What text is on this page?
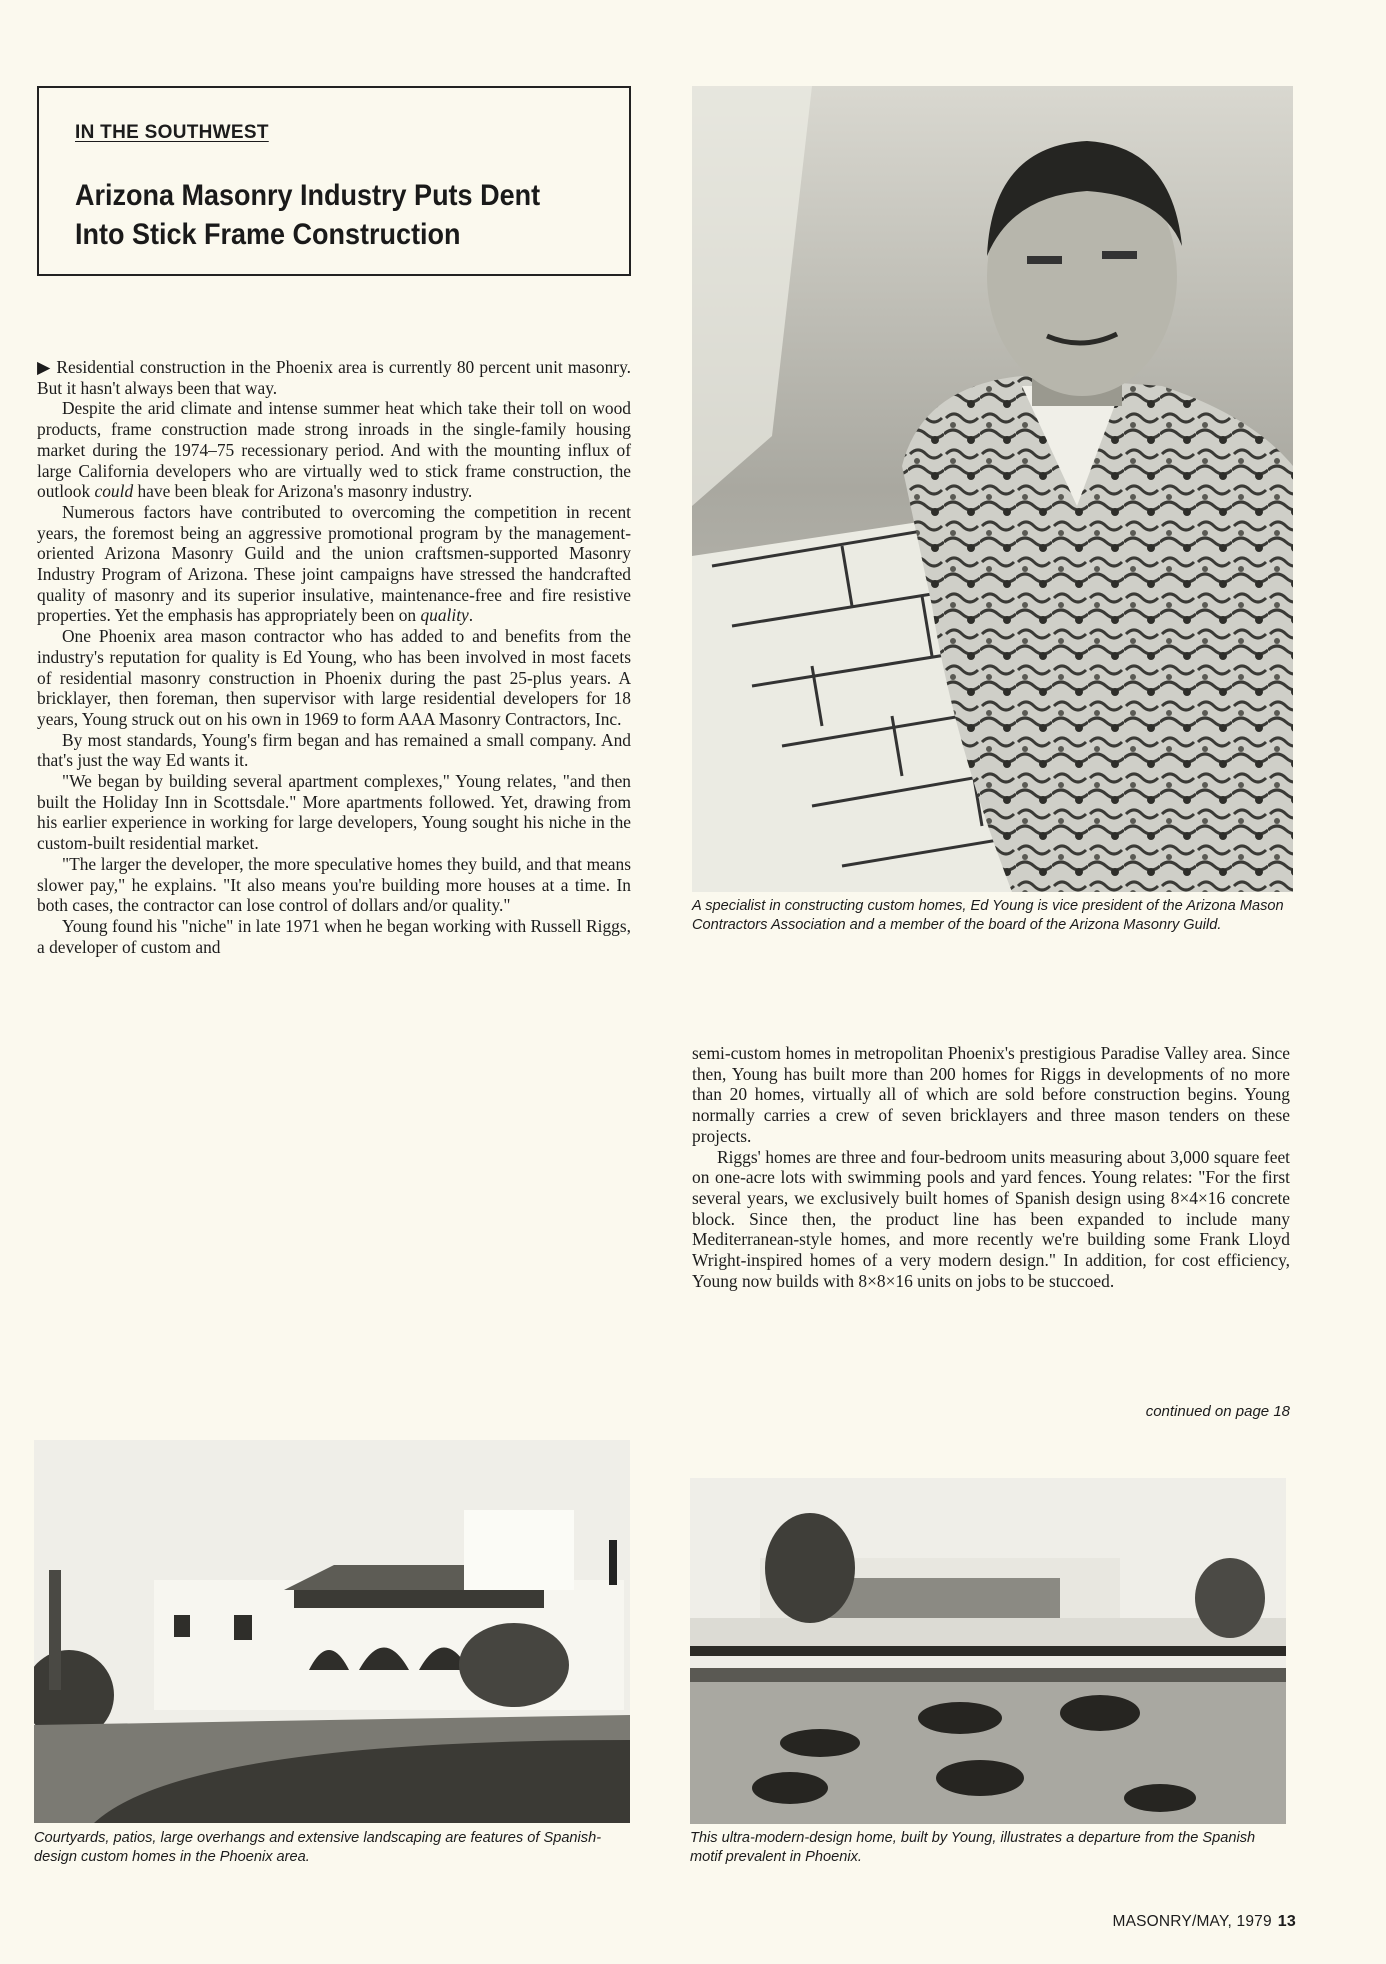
IN THE SOUTHWEST
Arizona Masonry Industry Puts Dent Into Stick Frame Construction

▶ Residential construction in the Phoenix area is currently 80 percent unit masonry. But it hasn't always been that way.

Despite the arid climate and intense summer heat which take their toll on wood products, frame construction made strong inroads in the single-family housing market during the 1974–75 recessionary period. And with the mounting influx of large California developers who are virtually wed to stick frame construction, the outlook could have been bleak for Arizona's masonry industry.

Numerous factors have contributed to overcoming the competition in recent years, the foremost being an aggressive promotional program by the management-oriented Arizona Masonry Guild and the union craftsmen-supported Masonry Industry Program of Arizona. These joint campaigns have stressed the handcrafted quality of masonry and its superior insulative, maintenance-free and fire resistive properties. Yet the emphasis has appropriately been on quality.

One Phoenix area mason contractor who has added to and benefits from the industry's reputation for quality is Ed Young, who has been involved in most facets of residential masonry construction in Phoenix during the past 25-plus years. A bricklayer, then foreman, then supervisor with large residential developers for 18 years, Young struck out on his own in 1969 to form AAA Masonry Contractors, Inc.

By most standards, Young's firm began and has remained a small company. And that's just the way Ed wants it.

"We began by building several apartment complexes," Young relates, "and then built the Holiday Inn in Scottsdale." More apartments followed. Yet, drawing from his earlier experience in working for large developers, Young sought his niche in the custom-built residential market.

"The larger the developer, the more speculative homes they build, and that means slower pay," he explains. "It also means you're building more houses at a time. In both cases, the contractor can lose control of dollars and/or quality."

Young found his "niche" in late 1971 when he began working with Russell Riggs, a developer of custom and

A specialist in constructing custom homes, Ed Young is vice president of the Arizona Mason Contractors Association and a member of the board of the Arizona Masonry Guild.

semi-custom homes in metropolitan Phoenix's prestigious Paradise Valley area. Since then, Young has built more than 200 homes for Riggs in developments of no more than 20 homes, virtually all of which are sold before construction begins. Young normally carries a crew of seven bricklayers and three mason tenders on these projects.

Riggs' homes are three and four-bedroom units measuring about 3,000 square feet on one-acre lots with swimming pools and yard fences. Young relates: "For the first several years, we exclusively built homes of Spanish design using 8×4×16 concrete block. Since then, the product line has been expanded to include many Mediterranean-style homes, and more recently we're building some Frank Lloyd Wright-inspired homes of a very modern design." In addition, for cost efficiency, Young now builds with 8×8×16 units on jobs to be stuccoed.

continued on page 18
Courtyards, patios, large overhangs and extensive landscaping are features of Spanish-design custom homes in the Phoenix area.
This ultra-modern-design home, built by Young, illustrates a departure from the Spanish motif prevalent in Phoenix.
MASONRY/MAY, 1979 13
